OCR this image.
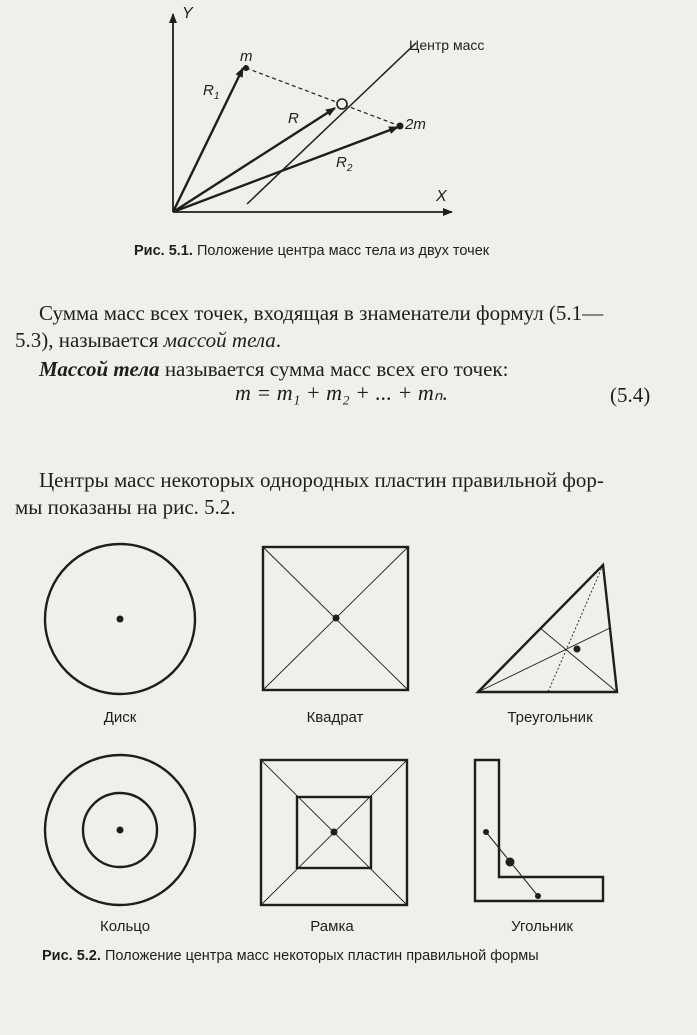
Y
X
m
2m
$R_1$
R
$R_2$
Центр масс
Рис. 5.1. Положение центра масс тела из двух точек
Сумма масс всех точек, входящая в знаменатели формул (5.1—
5.3), называется массой тела.
Массой тела называется сумма масс всех его точек:
m = m₁ + m₂ + ... + mₙ.	(5.4)
Центры масс некоторых однородных пластин правильной фор-
мы показаны на рис. 5.2.
Диск	Квадрат	Треугольник
Кольцо	Рамка	Угольник
Рис. 5.2. Положение центра масс некоторых пластин правильной формы
